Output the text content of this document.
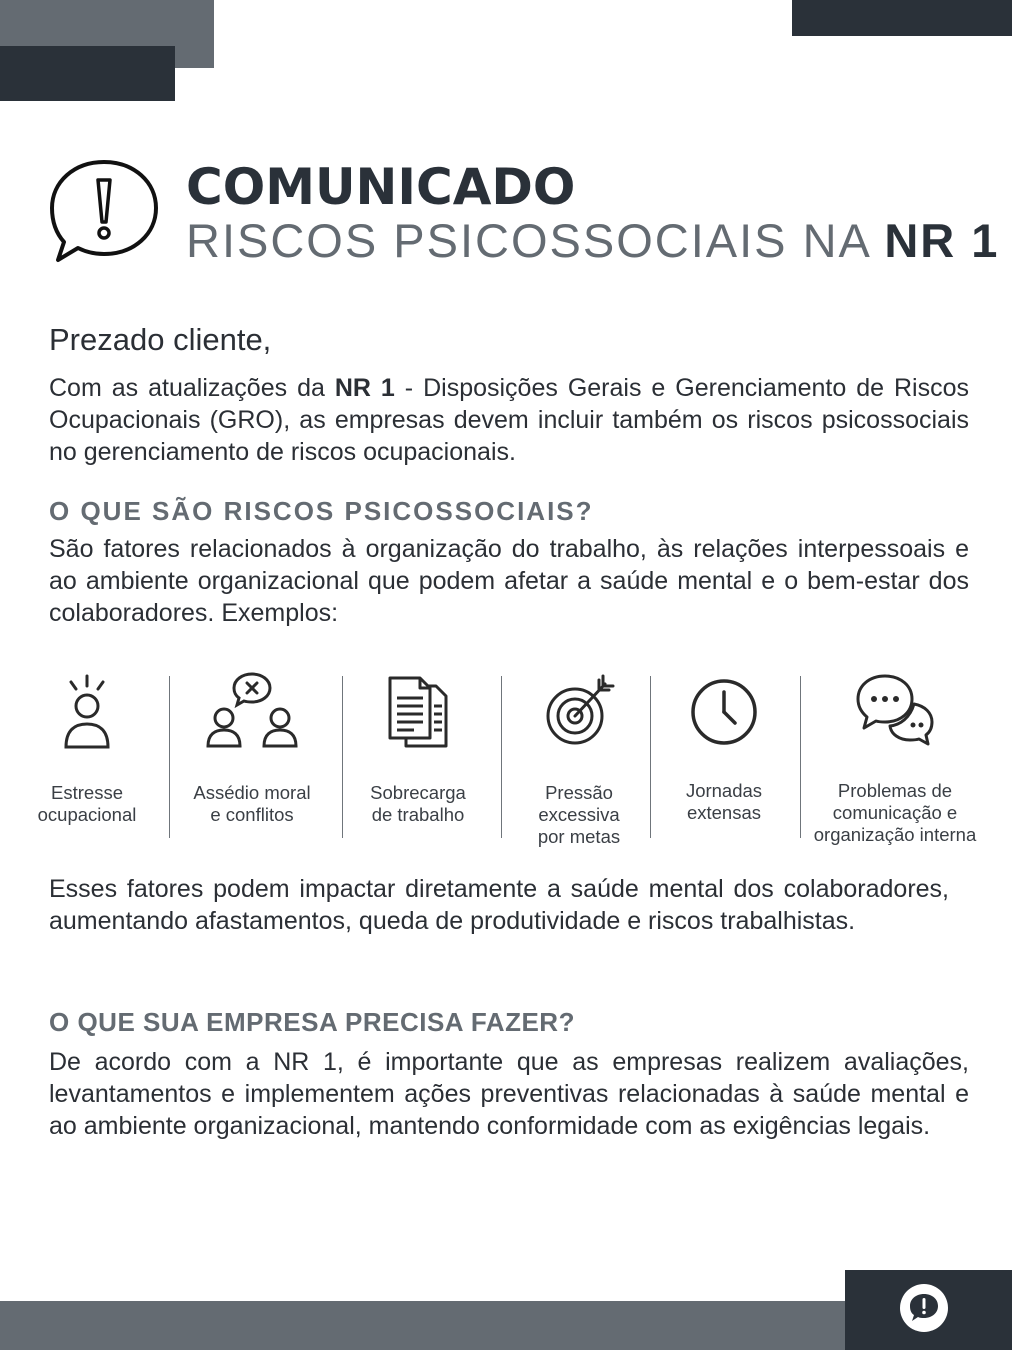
COMUNICADO
RISCOS PSICOSSOCIAIS NA NR 1

Prezado cliente,

Com as atualizações da NR 1 - Disposições Gerais e Gerenciamento de Riscos Ocupacionais (GRO), as empresas devem incluir também os riscos psicossociais no gerenciamento de riscos ocupacionais.

O QUE SÃO RISCOS PSICOSSOCIAIS?

São fatores relacionados à organização do trabalho, às relações interpessoais e ao ambiente organizacional que podem afetar a saúde mental e o bem-estar dos colaboradores. Exemplos:

Estresse
ocupacional
Assédio moral
e conflitos
Sobrecarga
de trabalho
Pressão
excessiva
por metas
Jornadas
extensas
Problemas de
comunicação e
organização interna

Esses fatores podem impactar diretamente a saúde mental dos colaboradores, aumentando afastamentos, queda de produtividade e riscos trabalhistas.

O QUE SUA EMPRESA PRECISA FAZER?

De acordo com a NR 1, é importante que as empresas realizem avaliações, levantamentos e implementem ações preventivas relacionadas à saúde mental e ao ambiente organizacional, mantendo conformidade com as exigências legais.
